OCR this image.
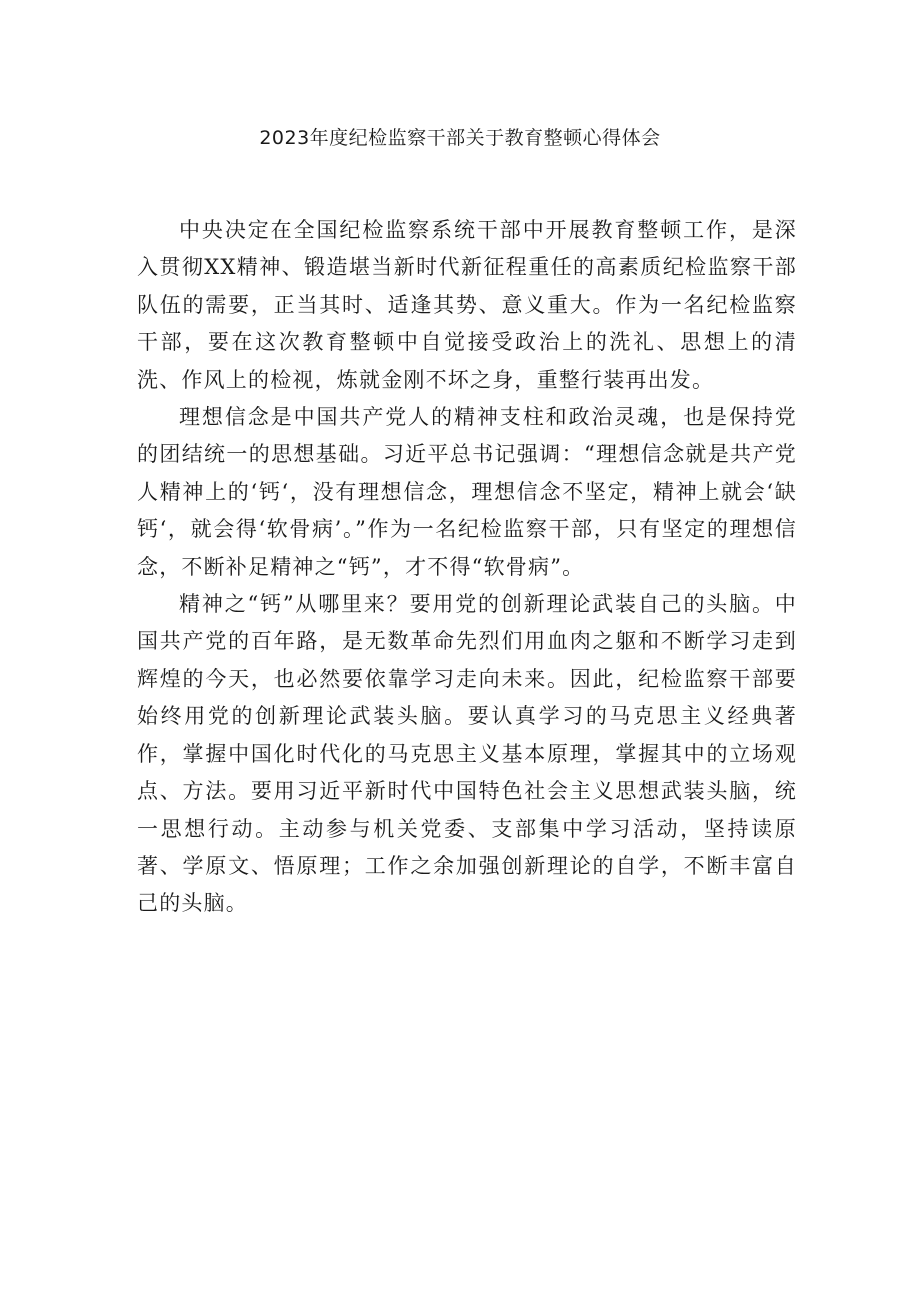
2023年度纪检监察干部关于教育整顿心得体会

中央决定在全国纪检监察系统干部中开展教育整顿工作，是深入贯彻XX精神、锻造堪当新时代新征程重任的高素质纪检监察干部队伍的需要，正当其时、适逢其势、意义重大。作为一名纪检监察干部，要在这次教育整顿中自觉接受政治上的洗礼、思想上的清洗、作风上的检视，炼就金刚不坏之身，重整行装再出发。

理想信念是中国共产党人的精神支柱和政治灵魂，也是保持党的团结统一的思想基础。习近平总书记强调：“理想信念就是共产党人精神上的‘钙‘，没有理想信念，理想信念不坚定，精神上就会‘缺钙‘，就会得‘软骨病’。”作为一名纪检监察干部，只有坚定的理想信念，不断补足精神之“钙”，才不得“软骨病”。

精神之“钙”从哪里来？要用党的创新理论武装自己的头脑。中国共产党的百年路，是无数革命先烈们用血肉之躯和不断学习走到辉煌的今天，也必然要依靠学习走向未来。因此，纪检监察干部要始终用党的创新理论武装头脑。要认真学习的马克思主义经典著作，掌握中国化时代化的马克思主义基本原理，掌握其中的立场观点、方法。要用习近平新时代中国特色社会主义思想武装头脑，统一思想行动。主动参与机关党委、支部集中学习活动，坚持读原著、学原文、悟原理；工作之余加强创新理论的自学，不断丰富自己的头脑。
